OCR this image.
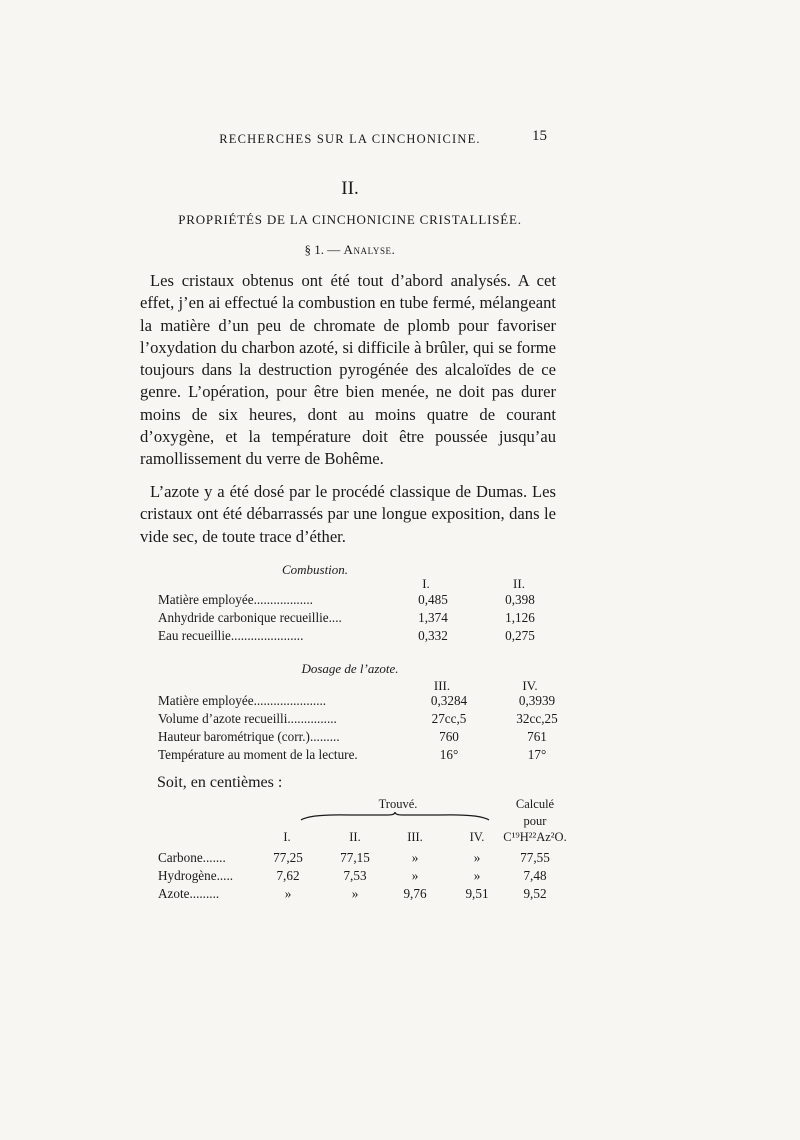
RECHERCHES SUR LA CINCHONICINE.	15
II.
PROPRIÉTÉS DE LA CINCHONICINE CRISTALLISÉE.
§ 1. — Analyse.

Les cristaux obtenus ont été tout d’abord analysés. A cet effet, j’en ai effectué la combustion en tube fermé, mélangeant la matière d’un peu de chromate de plomb pour favoriser l’oxydation du charbon azoté, si difficile à brûler, qui se forme toujours dans la destruction pyrogénée des alcaloïdes de ce genre. L’opération, pour être bien menée, ne doit pas durer moins de six heures, dont au moins quatre de courant d’oxygène, et la température doit être poussée jusqu’au ramollissement du verre de Bohême.

L’azote y a été dosé par le procédé classique de Dumas. Les cristaux ont été débarrassés par une longue exposition, dans le vide sec, de toute trace d’éther.

Combustion.
I.	II.
Matière employée..................	0,485	0,398
Anhydride carbonique recueillie....	1,374	1,126
Eau recueillie......................	0,332	0,275
Dosage de l’azote.
III.	IV.
Matière employée......................	0,3284	0,3939
Volume d’azote recueilli...............	27cc,5	32cc,25
Hauteur barométrique (corr.).........	760	761
Température au moment de la lecture.	16°	17°
Soit, en centièmes :
Trouvé.	Calculé
pour
I.	II.	III.	IV.	C¹⁹H²²Az²O.
Carbone.......	77,25	77,15	»	»	77,55
Hydrogène.....	7,62	7,53	»	»	7,48
Azote.........	»	»	9,76	9,51	9,52
